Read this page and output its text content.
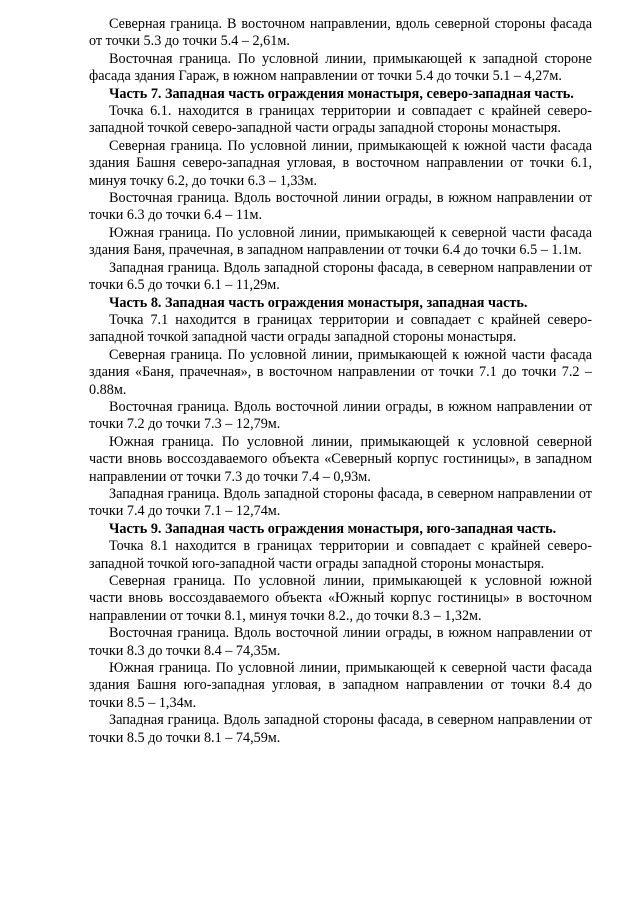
Северная граница. В восточном направлении, вдоль северной стороны фасада от точки 5.3 до точки 5.4 – 2,61м.

Восточная граница. По условной линии, примыкающей к западной стороне фасада здания Гараж, в южном направлении от точки 5.4 до точки 5.1 – 4,27м.

Часть 7. Западная часть ограждения монастыря, северо-западная часть.

Точка 6.1. находится в границах территории и совпадает с крайней северо-западной точкой северо-западной части ограды западной стороны монастыря.

Северная граница. По условной линии, примыкающей к южной части фасада здания Башня северо-западная угловая, в восточном направлении от точки 6.1, минуя точку 6.2, до точки 6.3 – 1,33м.

Восточная граница. Вдоль восточной линии ограды, в южном направлении от точки 6.3 до точки 6.4 – 11м.

Южная граница. По условной линии, примыкающей к северной части фасада здания Баня, прачечная, в западном направлении от точки 6.4 до точки 6.5 – 1.1м.

Западная граница. Вдоль западной стороны фасада, в северном направлении от точки 6.5 до точки 6.1 – 11,29м.

Часть 8. Западная часть ограждения монастыря, западная часть.

Точка 7.1 находится в границах территории и совпадает с крайней северо-западной точкой западной части ограды западной стороны монастыря.

Северная граница. По условной линии, примыкающей к южной части фасада здания «Баня, прачечная», в восточном направлении от точки 7.1 до точки 7.2 – 0.88м.

Восточная граница. Вдоль восточной линии ограды, в южном направлении от точки 7.2 до точки 7.3 – 12,79м.

Южная граница. По условной линии, примыкающей к условной северной части вновь воссоздаваемого объекта «Северный корпус гостиницы», в западном направлении от точки 7.3 до точки 7.4 – 0,93м.

Западная граница. Вдоль западной стороны фасада, в северном направлении от точки 7.4 до точки 7.1 – 12,74м.

Часть 9. Западная часть ограждения монастыря, юго-западная часть.

Точка 8.1 находится в границах территории и совпадает с крайней северо-западной точкой юго-западной части ограды западной стороны монастыря.

Северная граница. По условной линии, примыкающей к условной южной части вновь воссоздаваемого объекта «Южный корпус гостиницы» в восточном направлении от точки 8.1, минуя точки 8.2., до точки 8.3 – 1,32м.

Восточная граница. Вдоль восточной линии ограды, в южном направлении от точки 8.3 до точки 8.4 – 74,35м.

Южная граница. По условной линии, примыкающей к северной части фасада здания Башня юго-западная угловая, в западном направлении от точки 8.4 до точки 8.5 – 1,34м.

Западная граница. Вдоль западной стороны фасада, в северном направлении от точки 8.5 до точки 8.1 – 74,59м.
